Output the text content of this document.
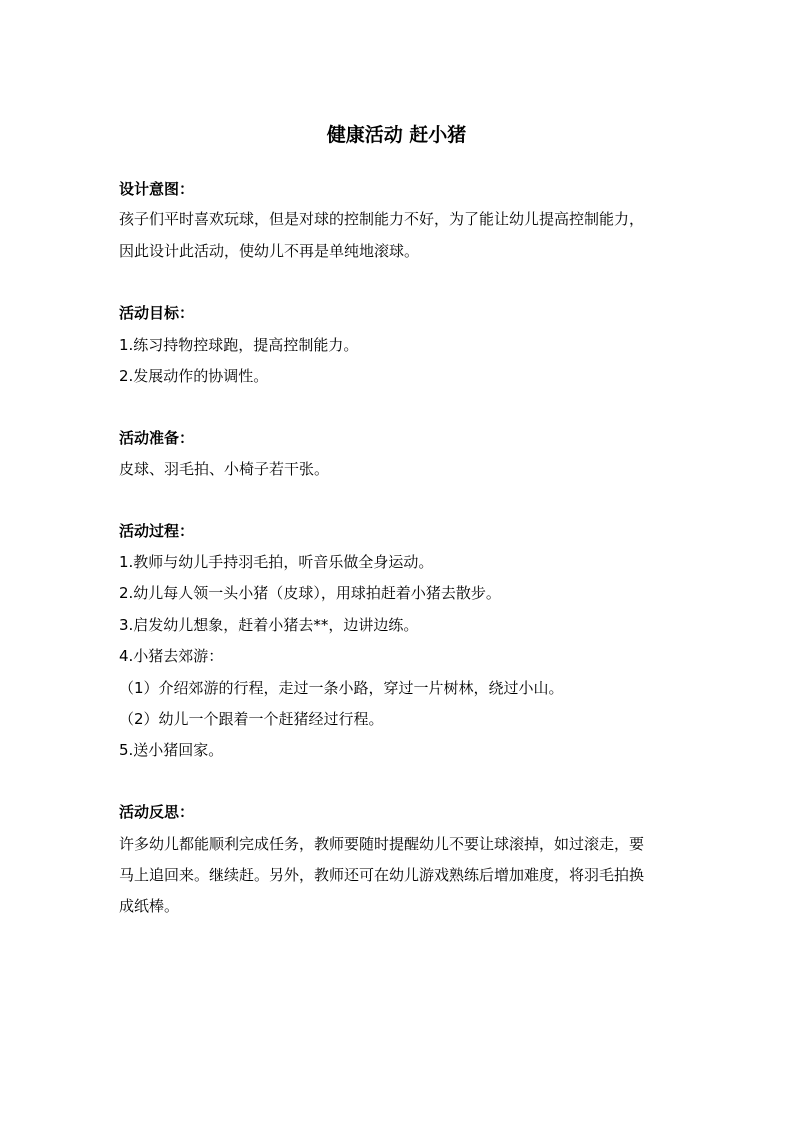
健康活动 赶小猪
设计意图：
孩子们平时喜欢玩球，但是对球的控制能力不好，为了能让幼儿提高控制能力，
因此设计此活动，使幼儿不再是单纯地滚球。
活动目标：
1.练习持物控球跑，提高控制能力。
2.发展动作的协调性。
活动准备：
皮球、羽毛拍、小椅子若干张。
活动过程：
1.教师与幼儿手持羽毛拍，听音乐做全身运动。
2.幼儿每人领一头小猪（皮球），用球拍赶着小猪去散步。
3.启发幼儿想象，赶着小猪去**，边讲边练。
4.小猪去郊游：
（1）介绍郊游的行程，走过一条小路，穿过一片树林，绕过小山。
（2）幼儿一个跟着一个赶猪经过行程。
5.送小猪回家。
活动反思：
许多幼儿都能顺利完成任务，教师要随时提醒幼儿不要让球滚掉，如过滚走，要
马上追回来。继续赶。另外，教师还可在幼儿游戏熟练后增加难度，将羽毛拍换
成纸棒。
